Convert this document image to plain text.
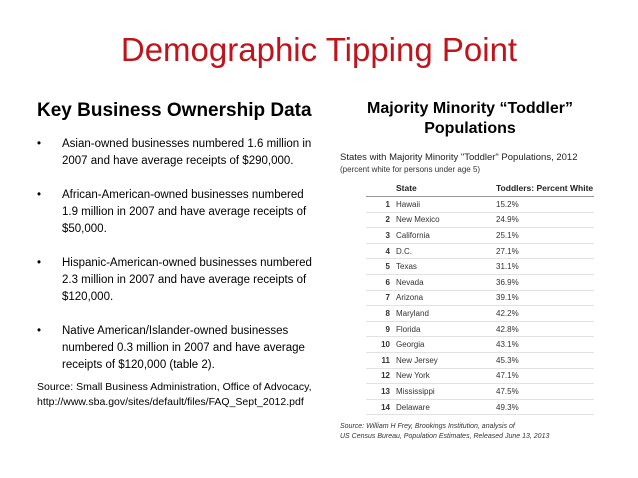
Demographic Tipping Point
Key Business Ownership Data
• Asian-owned businesses numbered 1.6 million in 2007 and have average receipts of $290,000.
• African-American-owned businesses numbered 1.9 million in 2007 and have average receipts of $50,000.
• Hispanic-American-owned businesses numbered 2.3 million in 2007 and have average receipts of $120,000.
• Native American/Islander-owned businesses numbered 0.3 million in 2007 and have average receipts of $120,000 (table 2).
Source: Small Business Administration, Office of Advocacy, http://www.sba.gov/sites/default/files/FAQ_Sept_2012.pdf
Majority Minority “Toddler” Populations
States with Majority Minority "Toddler" Populations, 2012
(percent white for persons under age 5)
	State	Toddlers: Percent White
1	Hawaii	15.2%
2	New Mexico	24.9%
3	California	25.1%
4	D.C.	27.1%
5	Texas	31.1%
6	Nevada	36.9%
7	Arizona	39.1%
8	Maryland	42.2%
9	Florida	42.8%
10	Georgia	43.1%
11	New Jersey	45.3%
12	New York	47.1%
13	Mississippi	47.5%
14	Delaware	49.3%
Source: William H Frey, Brookings Institution, analysis of
US Census Bureau, Population Estimates, Released June 13, 2013
